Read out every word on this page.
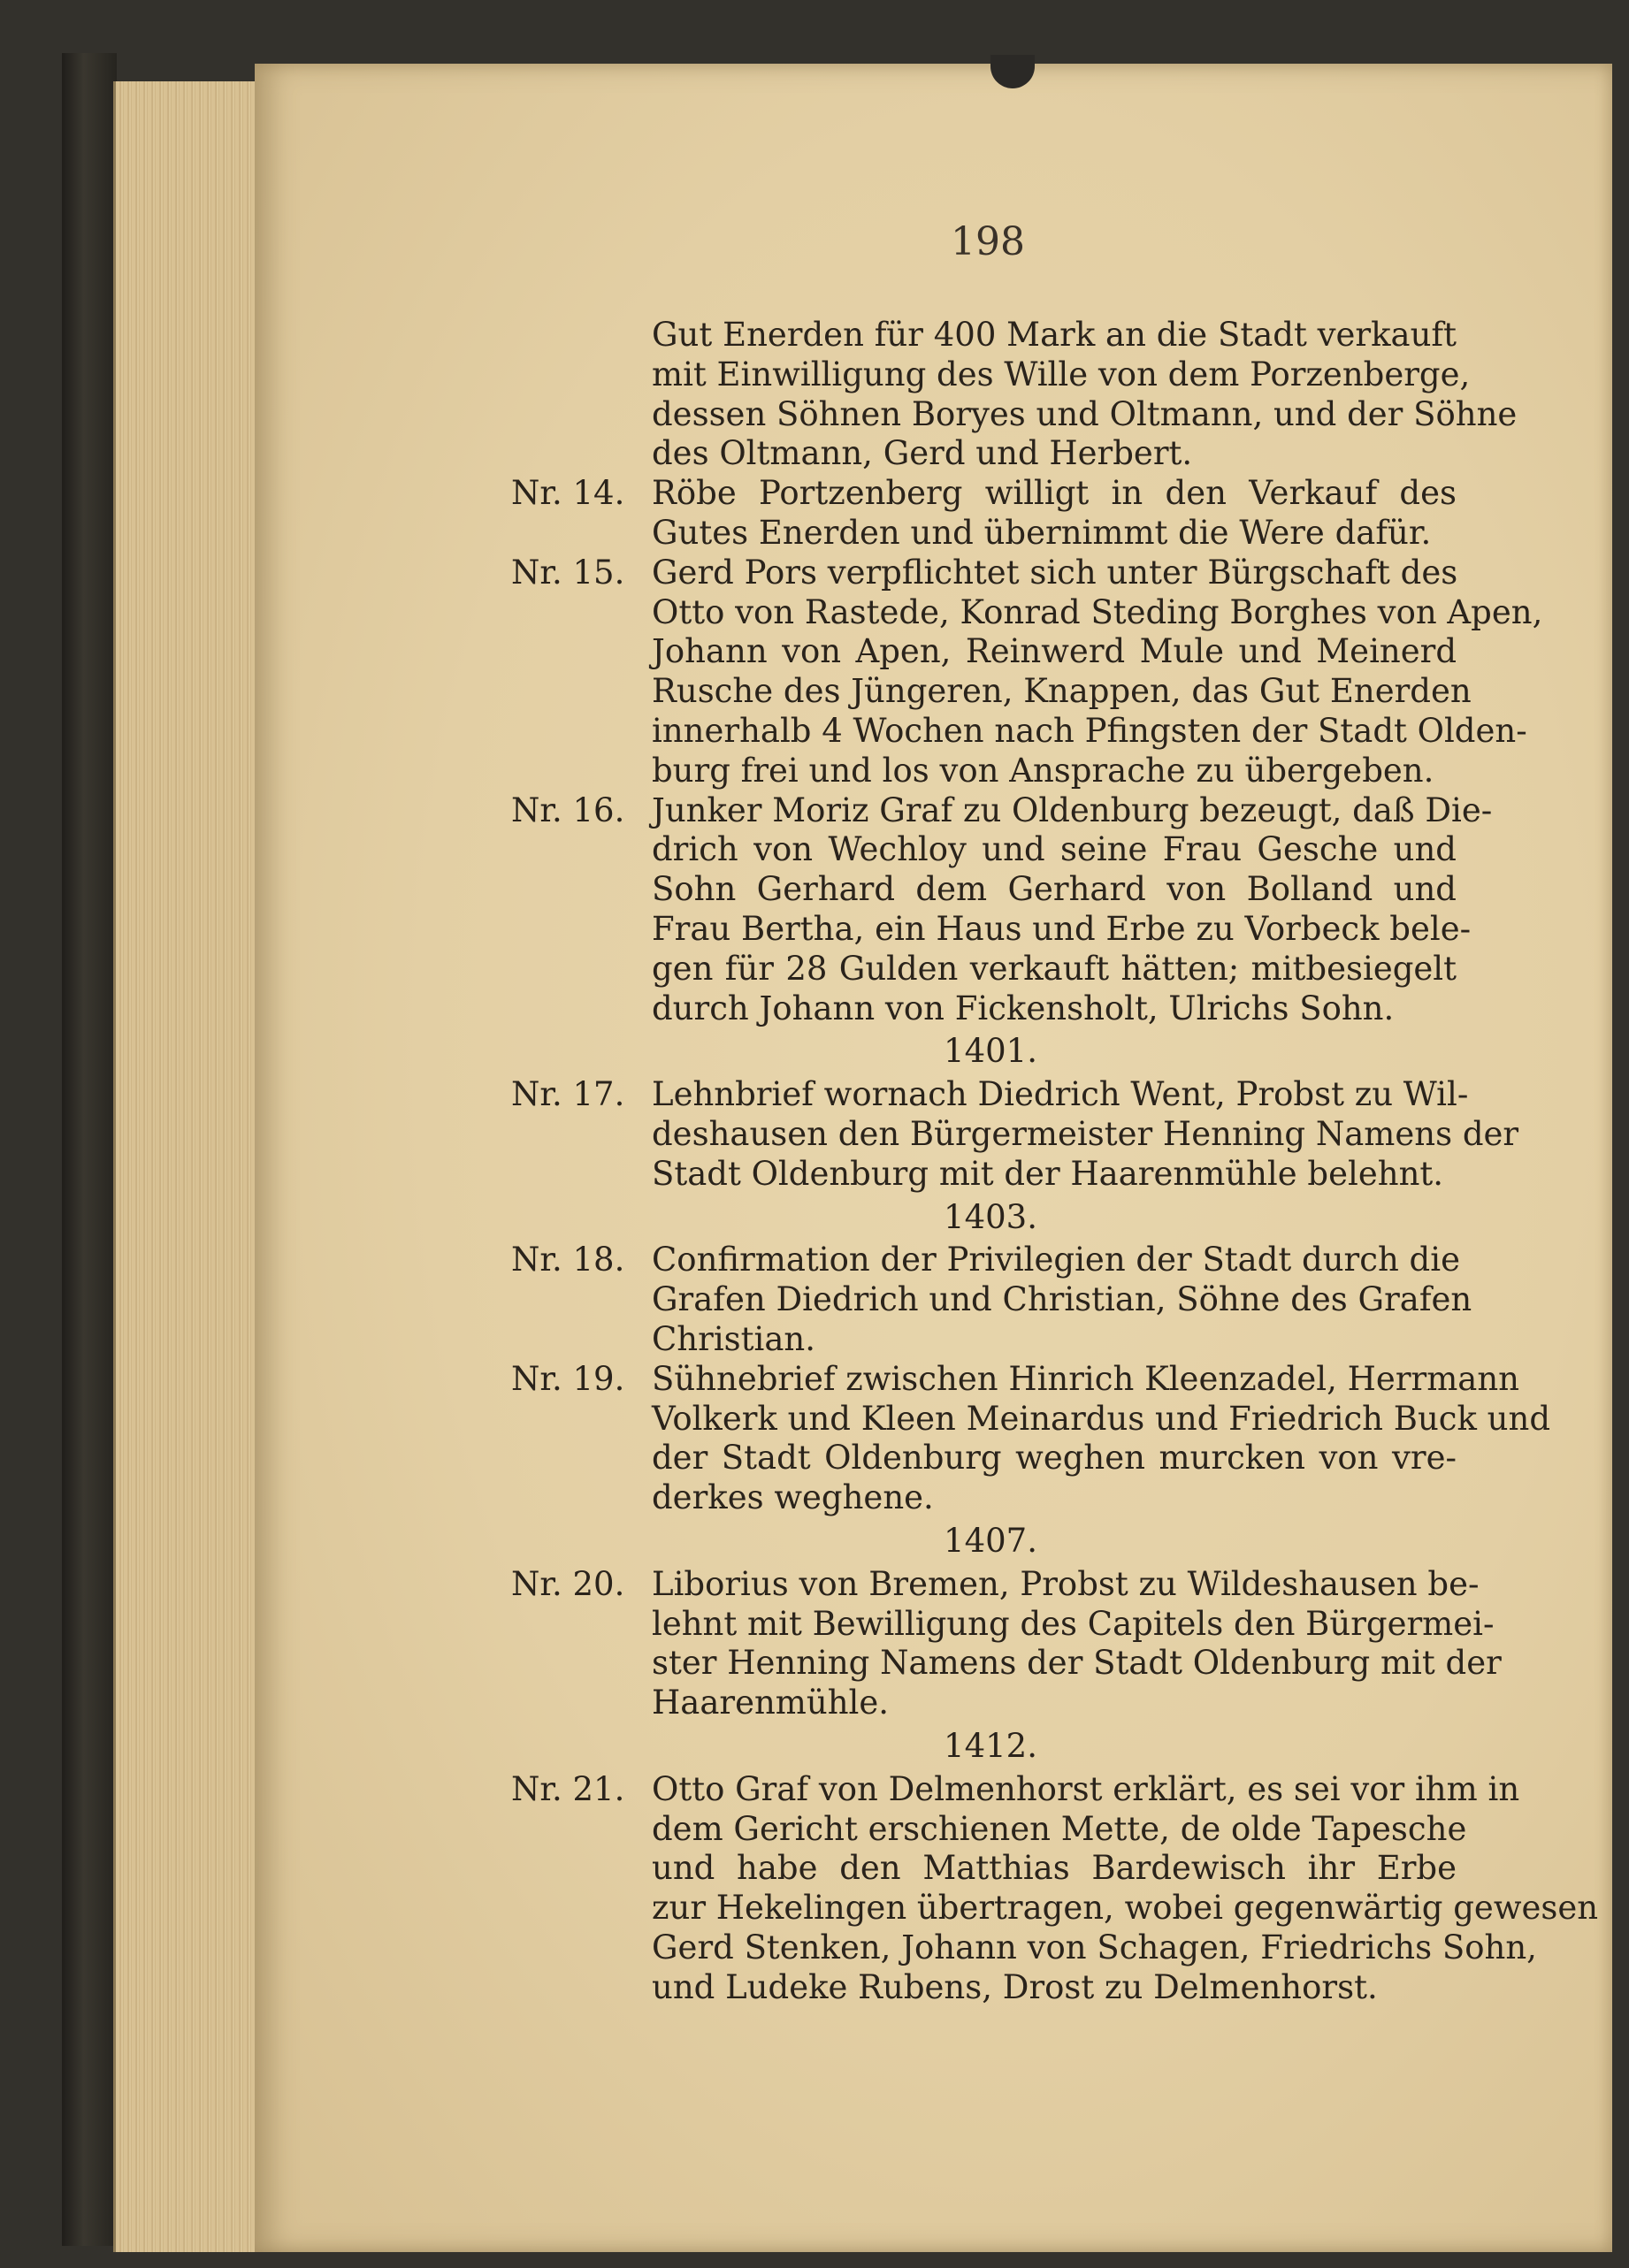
198
Gut Enerden für 400 Mark an die Stadt verkauft
mit Einwilligung des Wille von dem Porzenberge,
dessen Söhnen Boryes und Oltmann, und der Söhne
des Oltmann, Gerd und Herbert.
Nr. 14. Röbe Portzenberg willigt in den Verkauf des
Gutes Enerden und übernimmt die Were dafür.
Nr. 15. Gerd Pors verpflichtet sich unter Bürgschaft des
Otto von Rastede, Konrad Steding Borghes von Apen,
Johann von Apen, Reinwerd Mule und Meinerd
Rusche des Jüngeren, Knappen, das Gut Enerden
innerhalb 4 Wochen nach Pfingsten der Stadt Olden-
burg frei und los von Ansprache zu übergeben.
Nr. 16. Junker Moriz Graf zu Oldenburg bezeugt, daß Die-
drich von Wechloy und seine Frau Gesche und
Sohn Gerhard dem Gerhard von Bolland und
Frau Bertha, ein Haus und Erbe zu Vorbeck bele-
gen für 28 Gulden verkauft hätten; mitbesiegelt
durch Johann von Fickensholt, Ulrichs Sohn.
1401.
Nr. 17. Lehnbrief wornach Diedrich Went, Probst zu Wil-
deshausen den Bürgermeister Henning Namens der
Stadt Oldenburg mit der Haarenmühle belehnt.
1403.
Nr. 18. Confirmation der Privilegien der Stadt durch die
Grafen Diedrich und Christian, Söhne des Grafen
Christian.
Nr. 19. Sühnebrief zwischen Hinrich Kleenzadel, Herrmann
Volkerk und Kleen Meinardus und Friedrich Buck und
der Stadt Oldenburg weghen murcken von vre-
derkes weghene.
1407.
Nr. 20. Liborius von Bremen, Probst zu Wildeshausen be-
lehnt mit Bewilligung des Capitels den Bürgermei-
ster Henning Namens der Stadt Oldenburg mit der
Haarenmühle.
1412.
Nr. 21. Otto Graf von Delmenhorst erklärt, es sei vor ihm in
dem Gericht erschienen Mette, de olde Tapesche
und habe den Matthias Bardewisch ihr Erbe
zur Hekelingen übertragen, wobei gegenwärtig gewesen
Gerd Stenken, Johann von Schagen, Friedrichs Sohn,
und Ludeke Rubens, Drost zu Delmenhorst.
